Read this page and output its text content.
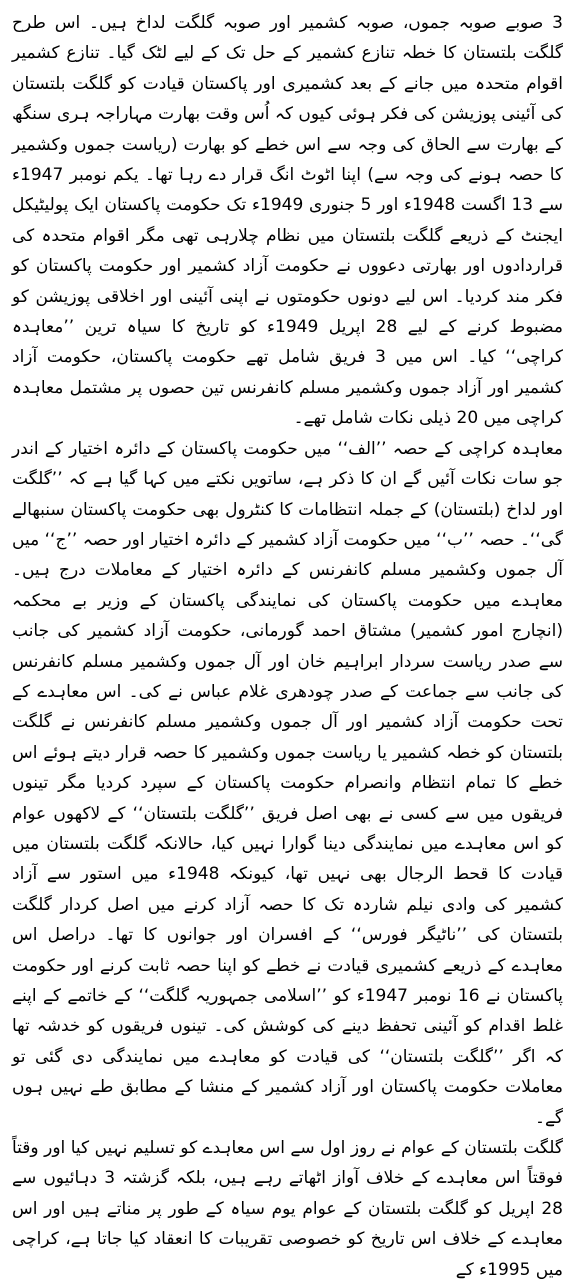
3 صوبے صوبہ جموں، صوبہ کشمیر اور صوبہ گلگت لداخ ہیں۔ اس طرح گلگت بلتستان کا خطہ تنازع کشمیر کے حل تک کے لیے لٹک گیا۔ تنازع کشمیر اقوام متحدہ میں جانے کے بعد کشمیری اور پاکستان قیادت کو گلگت بلتستان کی آئینی پوزیشن کی فکر ہوئی کیوں کہ اُس وقت بھارت مہاراجہ ہری سنگھ کے بھارت سے الحاق کی وجہ سے اس خطے کو بھارت (ریاست جموں وکشمیر کا حصہ ہونے کی وجہ سے) اپنا اٹوٹ انگ قرار دے رہا تھا۔ یکم نومبر 1947ء سے 13 اگست 1948ء اور 5 جنوری 1949ء تک حکومت پاکستان ایک پولیٹیکل ایجنٹ کے ذریعے گلگت بلتستان میں نظام چلارہی تھی مگر اقوام متحدہ کی قراردادوں اور بھارتی دعووں نے حکومت آزاد کشمیر اور حکومت پاکستان کو فکر مند کردیا۔ اس لیے دونوں حکومتوں نے اپنی آئینی اور اخلاقی پوزیشن کو مضبوط کرنے کے لیے 28 اپریل 1949ء کو تاریخ کا سیاہ ترین ’’معاہدہ کراچی‘‘ کیا۔ اس میں 3 فریق شامل تھے حکومت پاکستان، حکومت آزاد کشمیر اور آزاد جموں وکشمیر مسلم کانفرنس تین حصوں پر مشتمل معاہدہ کراچی میں 20 ذیلی نکات شامل تھے۔

معاہدہ کراچی کے حصہ ’’الف‘‘ میں حکومت پاکستان کے دائرہ اختیار کے اندر جو سات نکات آئیں گے ان کا ذکر ہے، ساتویں نکتے میں کہا گیا ہے کہ ’’گلگت اور لداخ (بلتستان) کے جملہ انتظامات کا کنٹرول بھی حکومت پاکستان سنبھالے گی‘‘۔ حصہ ’’ب‘‘ میں حکومت آزاد کشمیر کے دائرہ اختیار اور حصہ ’’ج‘‘ میں آل جموں وکشمیر مسلم کانفرنس کے دائرہ اختیار کے معاملات درج ہیں۔ معاہدے میں حکومت پاکستان کی نمایندگی پاکستان کے وزیر بے محکمہ (انچارج امور کشمیر) مشتاق احمد گورمانی، حکومت آزاد کشمیر کی جانب سے صدر ریاست سردار ابراہیم خان اور آل جموں وکشمیر مسلم کانفرنس کی جانب سے جماعت کے صدر چودھری غلام عباس نے کی۔ اس معاہدے کے تحت حکومت آزاد کشمیر اور آل جموں وکشمیر مسلم کانفرنس نے گلگت بلتستان کو خطہ کشمیر یا ریاست جموں وکشمیر کا حصہ قرار دیتے ہوئے اس خطے کا تمام انتظام وانصرام حکومت پاکستان کے سپرد کردیا مگر تینوں فریقوں میں سے کسی نے بھی اصل فریق ’’گلگت بلتستان‘‘ کے لاکھوں عوام کو اس معاہدے میں نمایندگی دینا گوارا نہیں کیا، حالانکہ گلگت بلتستان میں قیادت کا قحط الرجال بھی نہیں تھا، کیونکہ 1948ء میں استور سے آزاد کشمیر کی وادی نیلم شاردہ تک کا حصہ آزاد کرنے میں اصل کردار گلگت بلتستان کی ’’ناٹیگر فورس‘‘ کے افسران اور جوانوں کا تھا۔ دراصل اس معاہدے کے ذریعے کشمیری قیادت نے خطے کو اپنا حصہ ثابت کرنے اور حکومت پاکستان نے 16 نومبر 1947ء کو ’’اسلامی جمہوریہ گلگت‘‘ کے خاتمے کے اپنے غلط اقدام کو آئینی تحفظ دینے کی کوشش کی۔ تینوں فریقوں کو خدشہ تھا کہ اگر ’’گلگت بلتستان‘‘ کی قیادت کو معاہدے میں نمایندگی دی گئی تو معاملات حکومت پاکستان اور آزاد کشمیر کے منشا کے مطابق طے نہیں ہوں گے۔

گلگت بلتستان کے عوام نے روز اول سے اس معاہدے کو تسلیم نہیں کیا اور وقتاً فوقتاً اس معاہدے کے خلاف آواز اٹھاتے رہے ہیں، بلکہ گزشتہ 3 دہائیوں سے 28 اپریل کو گلگت بلتستان کے عوام یوم سیاہ کے طور پر مناتے ہیں اور اس معاہدے کے خلاف اس تاریخ کو خصوصی تقریبات کا انعقاد کیا جاتا ہے، کراچی میں 1995ء کے
